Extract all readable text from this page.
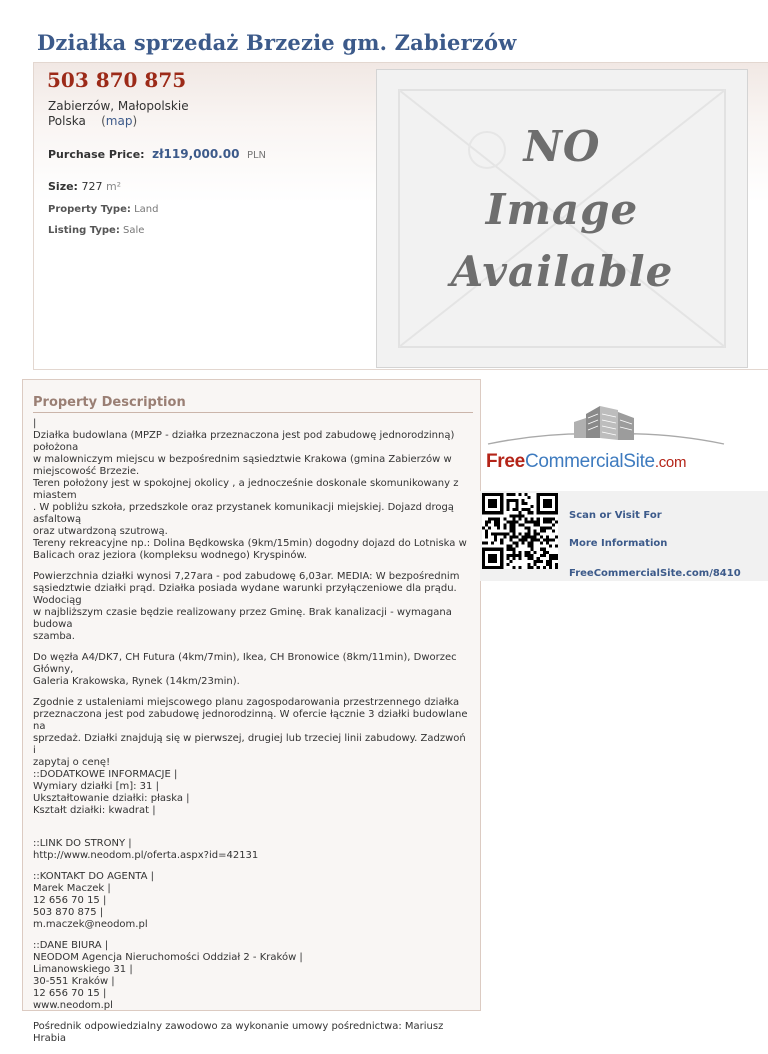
Działka sprzedaż Brzezie gm. Zabierzów
503 870 875
Zabierzów, Małopolskie
Polska (map)
Purchase Price: zł119,000.00 PLN
Size: 727 m²
Property Type: Land
Listing Type: Sale
NO
Image
Available
Property Description

|
Działka budowlana (MPZP - działka przeznaczona jest pod zabudowę jednorodzinną) położona
w malowniczym miejscu w bezpośrednim sąsiedztwie Krakowa (gmina Zabierzów w
miejscowość Brzezie.
Teren położony jest w spokojnej okolicy , a jednocześnie doskonale skomunikowany z miastem
. W pobliżu szkoła, przedszkole oraz przystanek komunikacji miejskiej. Dojazd drogą asfaltową
oraz utwardzoną szutrową.
Tereny rekreacyjne np.: Dolina Będkowska (9km/15min) dogodny dojazd do Lotniska w
Balicach oraz jeziora (kompleksu wodnego) Kryspinów.

Powierzchnia działki wynosi 7,27ara - pod zabudowę 6,03ar. MEDIA: W bezpośrednim
sąsiedztwie działki prąd. Działka posiada wydane warunki przyłączeniowe dla prądu. Wodociąg
w najbliższym czasie będzie realizowany przez Gminę. Brak kanalizacji - wymagana budowa
szamba.

Do węzła A4/DK7, CH Futura (4km/7min), Ikea, CH Bronowice (8km/11min), Dworzec Główny,
Galeria Krakowska, Rynek (14km/23min).

Zgodnie z ustaleniami miejscowego planu zagospodarowania przestrzennego działka
przeznaczona jest pod zabudowę jednorodzinną. W ofercie łącznie 3 działki budowlane na
sprzedaż. Działki znajdują się w pierwszej, drugiej lub trzeciej linii zabudowy. Zadzwoń i
zapytaj o cenę!
::DODATKOWE INFORMACJE |
Wymiary działki [m]: 31 |
Ukształtowanie działki: płaska |
Kształt działki: kwadrat |

::LINK DO STRONY |
http://www.neodom.pl/oferta.aspx?id=42131

::KONTAKT DO AGENTA |
Marek Maczek |
12 656 70 15 |
503 870 875 |
m.maczek@neodom.pl

::DANE BIURA |
NEODOM Agencja Nieruchomości Oddział 2 - Kraków |
Limanowskiego 31 |
30-551 Kraków |
12 656 70 15 |
www.neodom.pl

Pośrednik odpowiedzialny zawodowo za wykonanie umowy pośrednictwa: Mariusz Hrabia

FreeCommercialSite.com
Scan or Visit For
More Information
FreeCommercialSite.com/8410
